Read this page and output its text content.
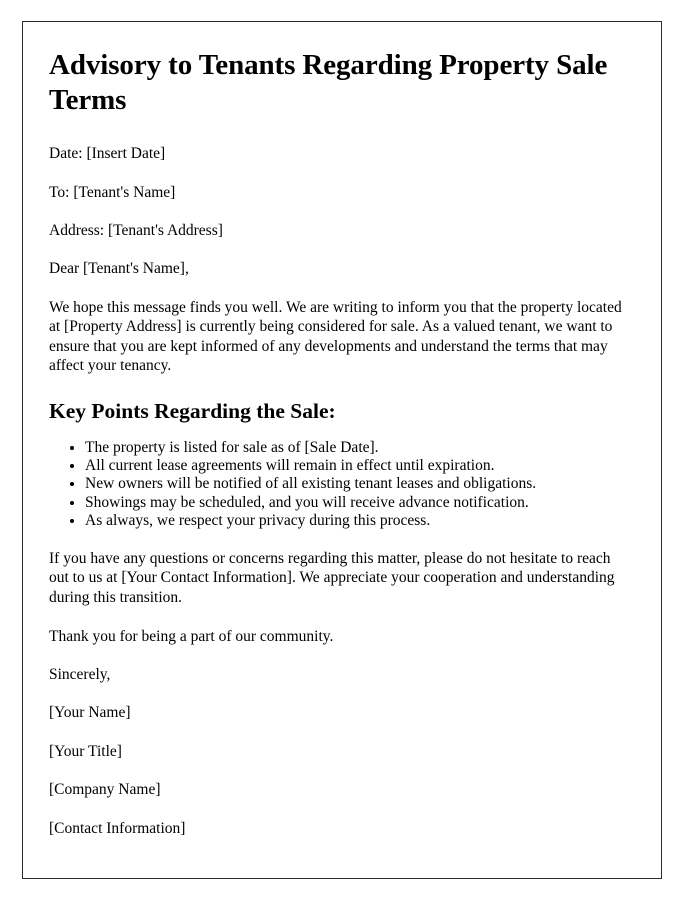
Advisory to Tenants Regarding Property Sale Terms

Date: [Insert Date]

To: [Tenant's Name]

Address: [Tenant's Address]

Dear [Tenant's Name],

We hope this message finds you well. We are writing to inform you that the property located at [Property Address] is currently being considered for sale. As a valued tenant, we want to ensure that you are kept informed of any developments and understand the terms that may affect your tenancy.

Key Points Regarding the Sale:
• The property is listed for sale as of [Sale Date].
• All current lease agreements will remain in effect until expiration.
• New owners will be notified of all existing tenant leases and obligations.
• Showings may be scheduled, and you will receive advance notification.
• As always, we respect your privacy during this process.

If you have any questions or concerns regarding this matter, please do not hesitate to reach out to us at [Your Contact Information]. We appreciate your cooperation and understanding during this transition.

Thank you for being a part of our community.

Sincerely,

[Your Name]

[Your Title]

[Company Name]

[Contact Information]
